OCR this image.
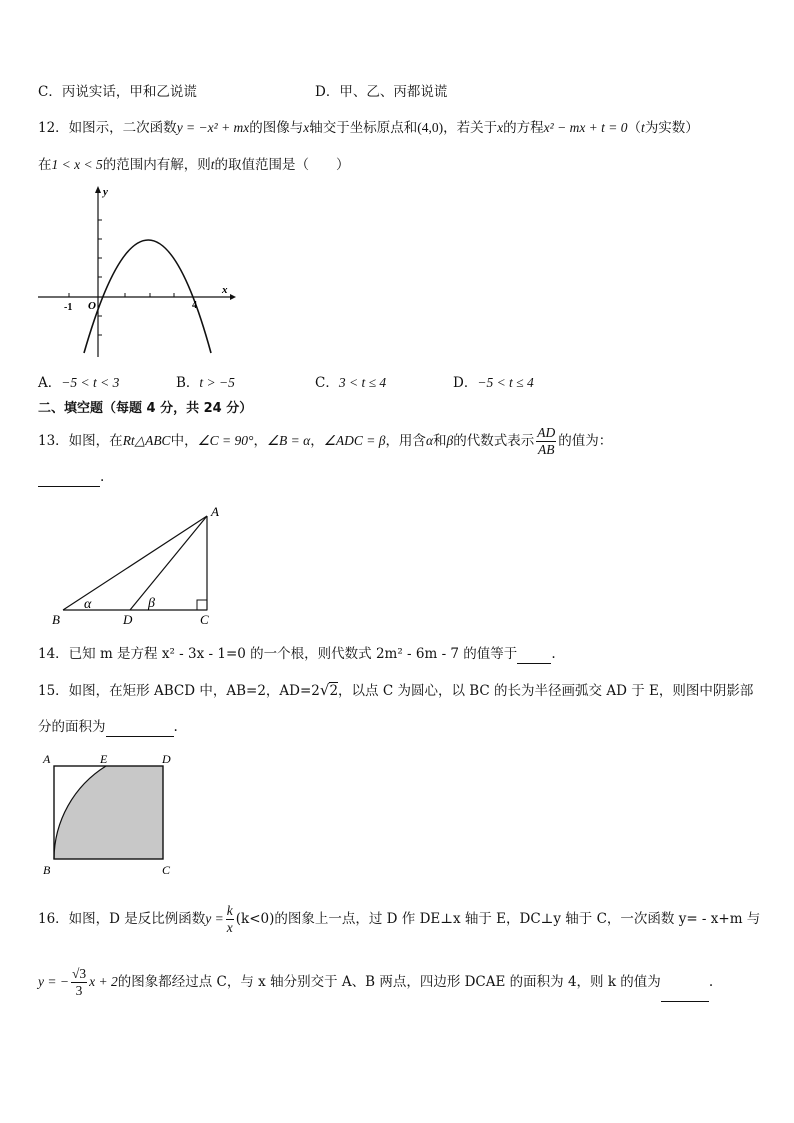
C．丙说实话，甲和乙说谎	D．甲、乙、丙都说谎
12．如图示，二次函数y = −x² + mx的图像与x轴交于坐标原点和(4,0)，若关于x的方程x² − mx + t = 0（t为实数）
在1 < x < 5的范围内有解，则t的取值范围是（　　）
y
x
O
-1	4
A．−5 < t < 3	B．t > −5	C．3 < t ≤ 4	D．−5 < t ≤ 4
二、填空题（每题 4 分，共 24 分）
13．如图，在Rt△ABC中，∠C = 90°，∠B = α，∠ADC = β，用含α和β的代数式表示 $\frac{AD}{AB}$ 的值为：
.
A
B	D	C
α	β
14．已知 m 是方程 x² - 3x - 1=0 的一个根，则代数式 2m² - 6m - 7 的值等于	.
15．如图，在矩形 ABCD 中，AB=2，AD=2√2，以点 C 为圆心，以 BC 的长为半径画弧交 AD 于 E，则图中阴影部
分的面积为	.
A	E	D
B	C
16．如图，D 是反比例函数$y = \frac{k}{x} (k<0)$的图象上一点，过 D 作 DE⊥x 轴于 E，DC⊥y 轴于 C，一次函数 y= - x+m 与
y = − $\frac{√3}{3}$ x + 2的图象都经过点 C，与 x 轴分别交于 A、B 两点，四边形 DCAE 的面积为 4，则 k 的值为	.
